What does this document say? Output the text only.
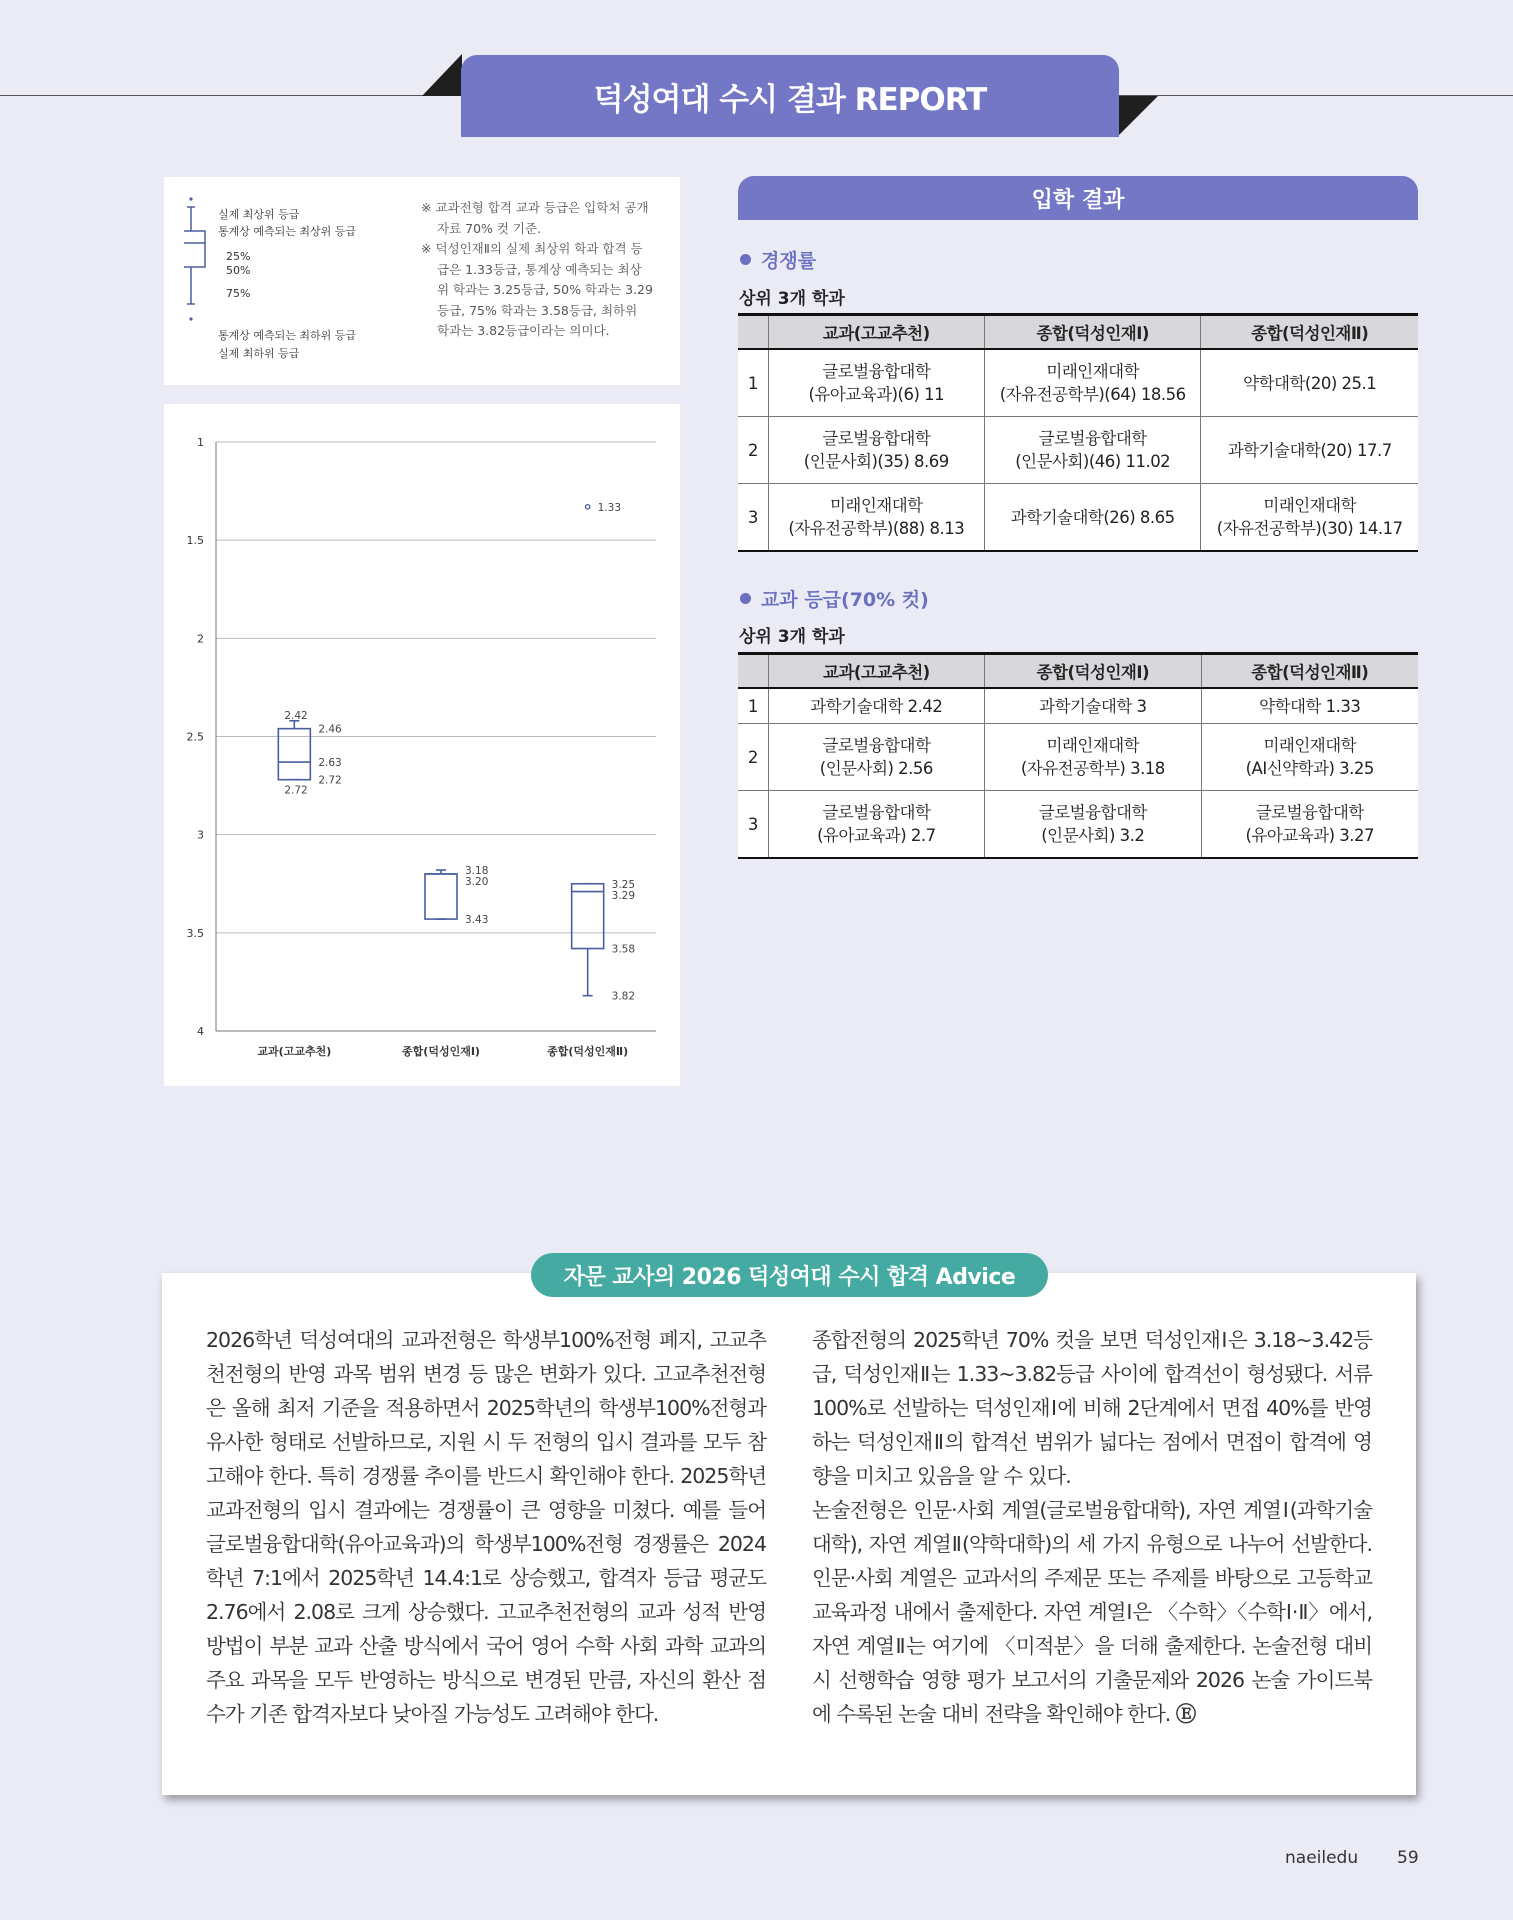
덕성여대 수시 결과 REPORT
실제 최상위 등급
통계상 예측되는 최상위 등급
25%
50%
75%
통계상 예측되는 최하위 등급
실제 최하위 등급

※ 교과전형 합격 교과 등급은 입학처 공개 자료 70% 컷 기준.

※ 덕성인재Ⅱ의 실제 최상위 학과 합격 등급은 1.33등급, 통계상 예측되는 최상위 학과는 3.25등급, 50% 학과는 3.29등급, 75% 학과는 3.58등급, 최하위 학과는 3.82등급이라는 의미다.

1
1.5
2
2.5
3
3.5
4
교과(고교추천)
2.42
2.46
2.63
2.72
2.72
종합(덕성인재Ⅰ)
3.18
3.20
3.43
종합(덕성인재Ⅱ)
1.33
3.25
3.29
3.58
3.82
입학 결과
경쟁률
상위 3개 학과
	교과(고교추천)	종합(덕성인재Ⅰ)	종합(덕성인재Ⅱ)

1	글로벌융합대학
(유아교육과)(6) 11	미래인재대학
(자유전공학부)(64) 18.56	약학대학(20) 25.1

2	글로벌융합대학
(인문사회)(35) 8.69	글로벌융합대학
(인문사회)(46) 11.02	과학기술대학(20) 17.7

3	미래인재대학
(자유전공학부)(88) 8.13	과학기술대학(26) 8.65	미래인재대학
(자유전공학부)(30) 14.17
교과 등급(70% 컷)
상위 3개 학과
	교과(고교추천)	종합(덕성인재Ⅰ)	종합(덕성인재Ⅱ)

1	과학기술대학 2.42	과학기술대학 3	약학대학 1.33

2	글로벌융합대학
(인문사회) 2.56	미래인재대학
(자유전공학부) 3.18	미래인재대학
(AI신약학과) 3.25

3	글로벌융합대학
(유아교육과) 2.7	글로벌융합대학
(인문사회) 3.2	글로벌융합대학
(유아교육과) 3.27
자문 교사의 2026 덕성여대 수시 합격 Advice

2026학년 덕성여대의 교과전형은 학생부100%전형 폐지, 고교추천전형의 반영 과목 범위 변경 등 많은 변화가 있다. 고교추천전형은 올해 최저 기준을 적용하면서 2025학년의 학생부100%전형과 유사한 형태로 선발하므로, 지원 시 두 전형의 입시 결과를 모두 참고해야 한다. 특히 경쟁률 추이를 반드시 확인해야 한다. 2025학년 교과전형의 입시 결과에는 경쟁률이 큰 영향을 미쳤다. 예를 들어 글로벌융합대학(유아교육과)의 학생부100%전형 경쟁률은 2024학년 7:1에서 2025학년 14.4:1로 상승했고, 합격자 등급 평균도 2.76에서 2.08로 크게 상승했다. 고교추천전형의 교과 성적 반영 방법이 부분 교과 산출 방식에서 국어 영어 수학 사회 과학 교과의 주요 과목을 모두 반영하는 방식으로 변경된 만큼, 자신의 환산 점수가 기존 합격자보다 낮아질 가능성도 고려해야 한다.

종합전형의 2025학년 70% 컷을 보면 덕성인재Ⅰ은 3.18~3.42등급, 덕성인재Ⅱ는 1.33~3.82등급 사이에 합격선이 형성됐다. 서류 100%로 선발하는 덕성인재Ⅰ에 비해 2단계에서 면접 40%를 반영하는 덕성인재Ⅱ의 합격선 범위가 넓다는 점에서 면접이 합격에 영향을 미치고 있음을 알 수 있다.

논술전형은 인문·사회 계열(글로벌융합대학), 자연 계열Ⅰ(과학기술대학), 자연 계열Ⅱ(약학대학)의 세 가지 유형으로 나누어 선발한다. 인문·사회 계열은 교과서의 주제문 또는 주제를 바탕으로 고등학교 교육과정 내에서 출제한다. 자연 계열Ⅰ은 〈수학〉〈수학Ⅰ·Ⅱ〉에서, 자연 계열Ⅱ는 여기에 〈미적분〉을 더해 출제한다. 논술전형 대비 시 선행학습 영향 평가 보고서의 기출문제와 2026 논술 가이드북에 수록된 논술 대비 전략을 확인해야 한다. Ⓔ

naeiledu 59
